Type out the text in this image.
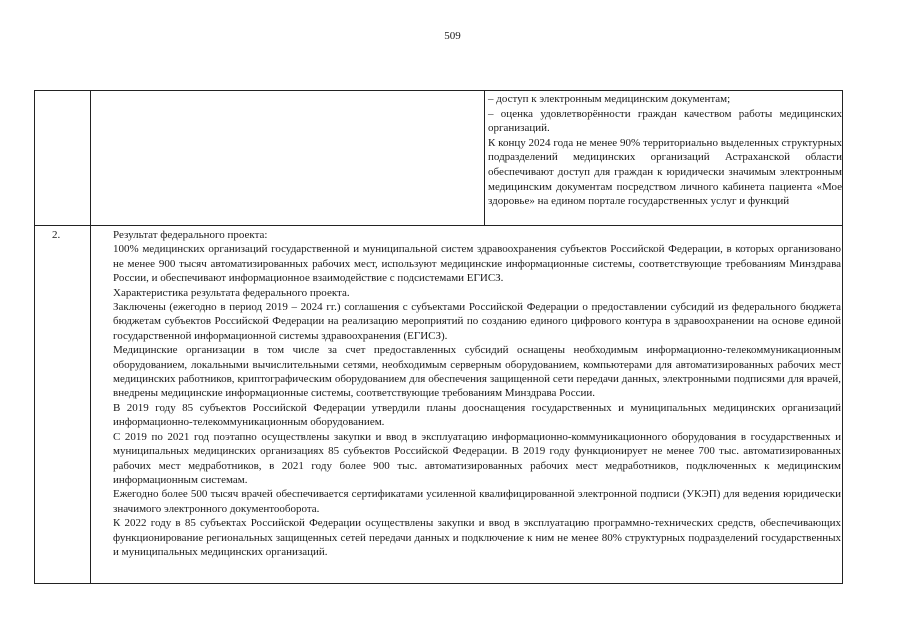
509

– доступ к электронным медицинским документам;

– оценка удовлетворённости граждан качеством работы медицинских организаций.

К концу 2024 года не менее 90% территориально выделенных структурных подразделений медицинских организаций Астраханской области обеспечивают доступ для граждан к юридически значимым электронным медицинским документам посредством личного кабинета пациента «Мое здоровье» на едином портале государственных услуг и функций

2.	Результат федерального проекта:

100% медицинских организаций государственной и муниципальной систем здравоохранения субъектов Российской Федерации, в которых организовано не менее 900 тысяч автоматизированных рабочих мест, используют медицинские информационные системы, соответствующие требованиям Минздрава России, и обеспечивают информационное взаимодействие с подсистемами ЕГИСЗ.

Характеристика результата федерального проекта.

Заключены (ежегодно в период 2019 – 2024 гг.) соглашения с субъектами Российской Федерации о предоставлении субсидий из федерального бюджета бюджетам субъектов Российской Федерации на реализацию мероприятий по созданию единого цифрового контура в здравоохранении на основе единой государственной информационной системы здравоохранения (ЕГИСЗ).

Медицинские организации в том числе за счет предоставленных субсидий оснащены необходимым информационно-телекоммуникационным оборудованием, локальными вычислительными сетями, необходимым серверным оборудованием, компьютерами для автоматизированных рабочих мест медицинских работников, криптографическим оборудованием для обеспечения защищенной сети передачи данных, электронными подписями для врачей, внедрены медицинские информационные системы, соответствующие требованиям Минздрава России.

В 2019 году 85 субъектов Российской Федерации утвердили планы дооснащения государственных и муниципальных медицинских организаций информационно-телекоммуникационным оборудованием.

С 2019 по 2021 год поэтапно осуществлены закупки и ввод в эксплуатацию информационно-коммуникационного оборудования в государственных и муниципальных медицинских организациях 85 субъектов Российской Федерации. В 2019 году функционирует не менее 700 тыс. автоматизированных рабочих мест медработников, в 2021 году более 900 тыс. автоматизированных рабочих мест медработников, подключенных к медицинским информационным системам.

Ежегодно более 500 тысяч врачей обеспечивается сертификатами усиленной квалифицированной электронной подписи (УКЭП) для ведения юридически значимого электронного документооборота.

К 2022 году в 85 субъектах Российской Федерации осуществлены закупки и ввод в эксплуатацию программно-технических средств, обеспечивающих функционирование региональных защищенных сетей передачи данных и подключение к ним не менее 80% структурных подразделений государственных и муниципальных медицинских организаций.
